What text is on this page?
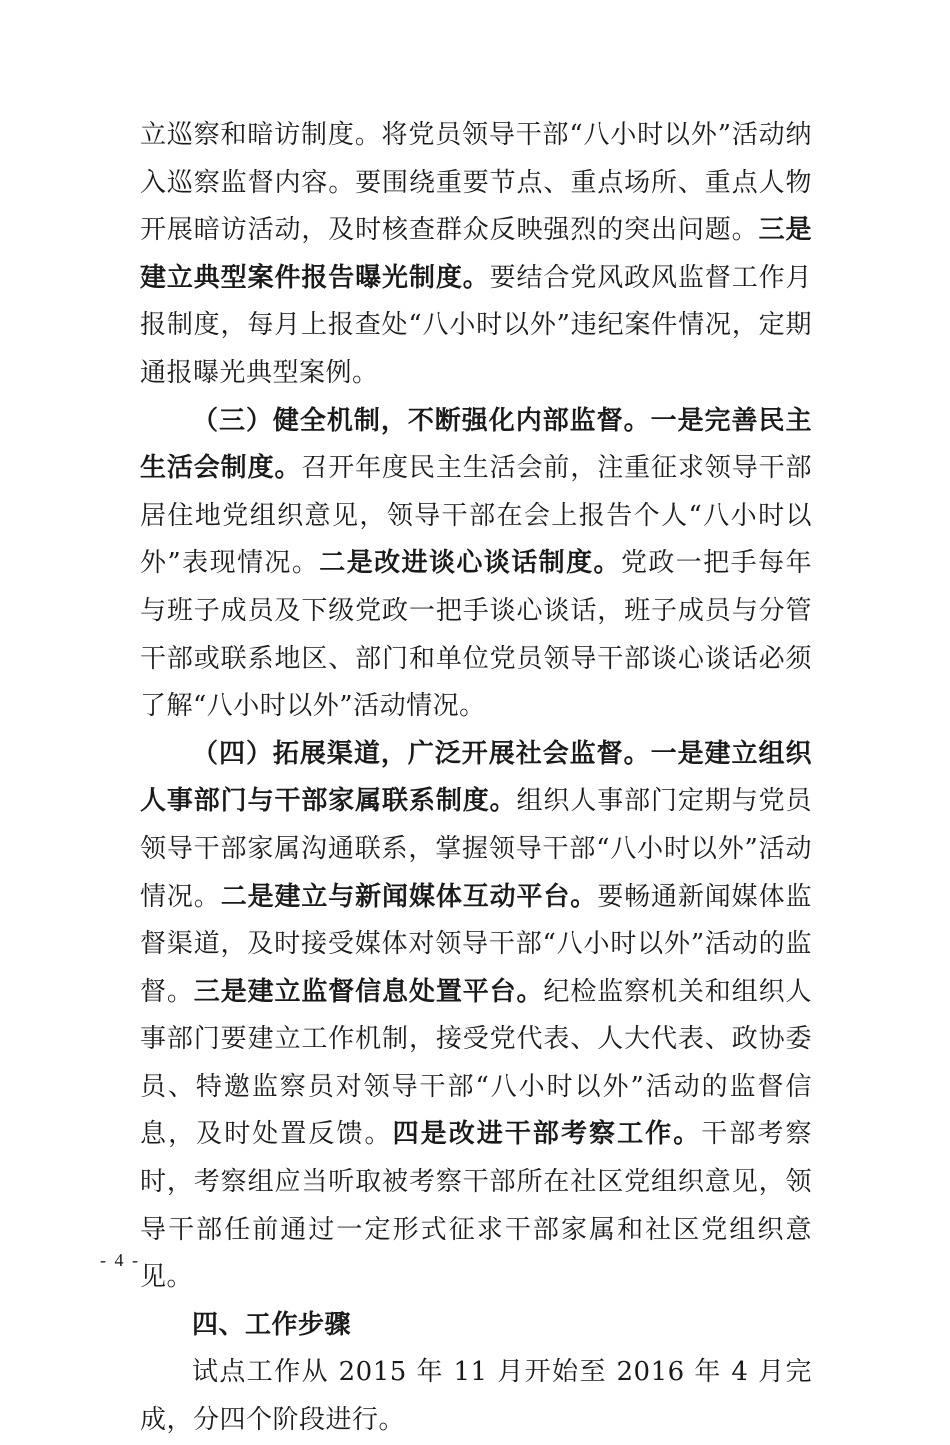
立巡察和暗访制度。将党员领导干部“八小时以外”活动纳入巡察监督内容。要围绕重要节点、重点场所、重点人物开展暗访活动，及时核查群众反映强烈的突出问题。三是建立典型案件报告曝光制度。要结合党风政风监督工作月报制度，每月上报查处“八小时以外”违纪案件情况，定期通报曝光典型案例。

（三）健全机制，不断强化内部监督。一是完善民主生活会制度。召开年度民主生活会前，注重征求领导干部居住地党组织意见，领导干部在会上报告个人“八小时以外”表现情况。二是改进谈心谈话制度。党政一把手每年与班子成员及下级党政一把手谈心谈话，班子成员与分管干部或联系地区、部门和单位党员领导干部谈心谈话必须了解“八小时以外”活动情况。

（四）拓展渠道，广泛开展社会监督。一是建立组织人事部门与干部家属联系制度。组织人事部门定期与党员领导干部家属沟通联系，掌握领导干部“八小时以外”活动情况。二是建立与新闻媒体互动平台。要畅通新闻媒体监督渠道，及时接受媒体对领导干部“八小时以外”活动的监督。三是建立监督信息处置平台。纪检监察机关和组织人事部门要建立工作机制，接受党代表、人大代表、政协委员、特邀监察员对领导干部“八小时以外”活动的监督信息，及时处置反馈。四是改进干部考察工作。干部考察时，考察组应当听取被考察干部所在社区党组织意见，领导干部任前通过一定形式征求干部家属和社区党组织意见。

四、工作步骤

试点工作从 2015 年 11 月开始至 2016 年 4 月完成，分四个阶段进行。

- 4 -
